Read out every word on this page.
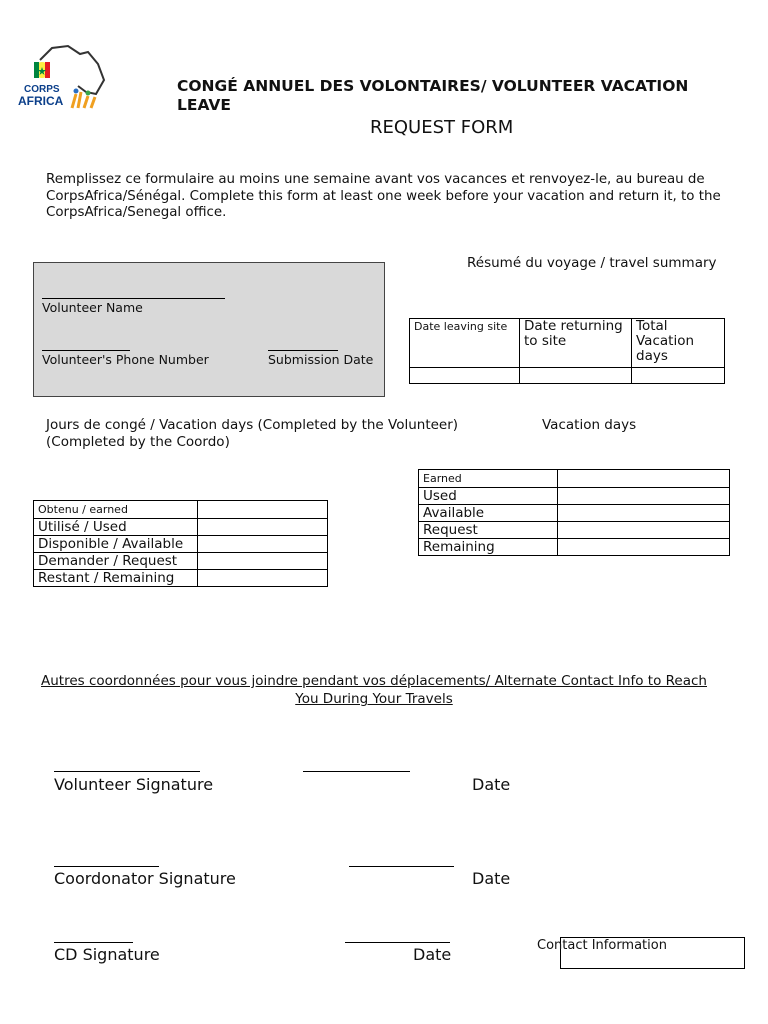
CORPS
AFRICA
CONGÉ ANNUEL DES VOLONTAIRES/ VOLUNTEER VACATION LEAVE
REQUEST FORM
Remplissez ce formulaire au moins une semaine avant vos vacances et renvoyez-le, au bureau de CorpsAfrica/Sénégal. Complete this form at least one week before your vacation and return it, to the CorpsAfrica/Senegal office.
Volunteer Name
Volunteer's Phone Number	Submission Date
Résumé du voyage / travel summary
Date leaving site	Date returning to site	Total Vacation days

Jours de congé / Vacation days (Completed by the Volunteer) (Completed by the Coordo)
Vacation days
Obtenu / earned	
Utilisé / Used	
Disponible / Available	
Demander / Request	
Restant / Remaining	
Earned	
Used	
Available	
Request	
Remaining	
Autres coordonnées pour vous joindre pendant vos déplacements/ Alternate Contact Info to Reach You During Your Travels
Volunteer Signature	Date
Coordonator Signature	Date
CD Signature	Date	Contact Information
